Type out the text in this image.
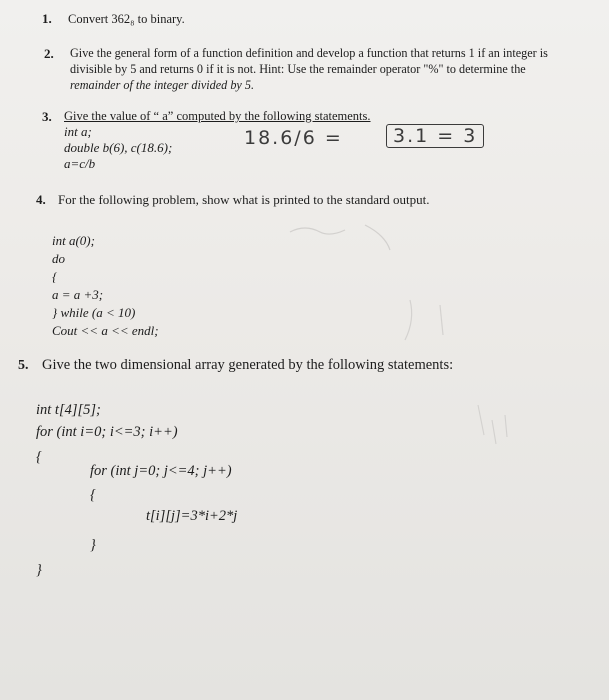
1. Convert 362₈ to binary.
2. Give the general form of a function definition and develop a function that returns 1 if an integer is
divisible by 5 and returns 0 if it is not. Hint: Use the remainder operator "%" to determine the
remainder of the integer divided by 5.
3. Give the value of “ a” computed by the following statements.
int a;
double b(6), c(18.6);
a=c/b
18.6/6 =	3.1 = 3
4. For the following problem, show what is printed to the standard output.
int a(0);
do
{
a = a +3;
} while (a < 10)
Cout << a << endl;
5. Give the two dimensional array generated by the following statements:
int t[4][5];
for (int i=0; i<=3; i++)
{
for (int j=0; j<=4; j++)
{
t[i][j]=3*i+2*j
}
}
